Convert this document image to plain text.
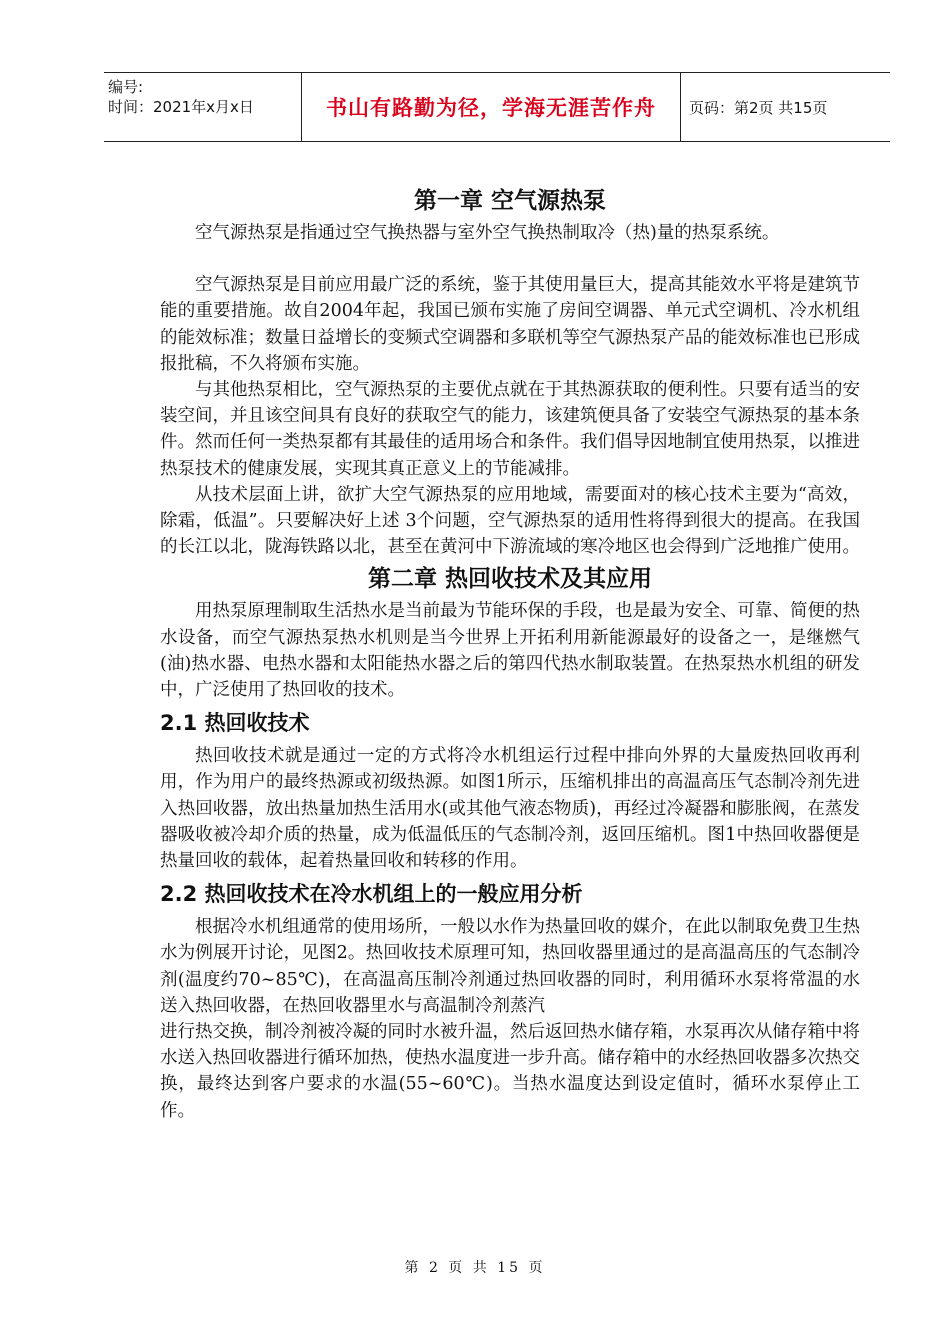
编号:
时间：2021年x月x日	书山有路勤为径，学海无涯苦作舟	页码：第2页 共15页
第一章 空气源热泵

空气源热泵是指通过空气换热器与室外空气换热制取冷（热)量的热泵系统。

空气源热泵是目前应用最广泛的系统，鉴于其使用量巨大，提高其能效水平将是建筑节能的重要措施。故自2004年起，我国已颁布实施了房间空调器、单元式空调机、冷水机组的能效标准；数量日益增长的变频式空调器和多联机等空气源热泵产品的能效标准也已形成报批稿，不久将颁布实施。

与其他热泵相比，空气源热泵的主要优点就在于其热源获取的便利性。只要有适当的安装空间，并且该空间具有良好的获取空气的能力，该建筑便具备了安装空气源热泵的基本条件。然而任何一类热泵都有其最佳的适用场合和条件。我们倡导因地制宜使用热泵，以推进热泵技术的健康发展，实现其真正意义上的节能减排。

从技术层面上讲，欲扩大空气源热泵的应用地域，需要面对的核心技术主要为“高效，除霜，低温”。只要解决好上述 3个问题，空气源热泵的适用性将得到很大的提高。在我国的长江以北，陇海铁路以北，甚至在黄河中下游流域的寒冷地区也会得到广泛地推广使用。

第二章 热回收技术及其应用

用热泵原理制取生活热水是当前最为节能环保的手段，也是最为安全、可靠、简便的热水设备，而空气源热泵热水机则是当今世界上开拓利用新能源最好的设备之一，是继燃气(油)热水器、电热水器和太阳能热水器之后的第四代热水制取装置。在热泵热水机组的研发中，广泛使用了热回收的技术。

2.1 热回收技术

热回收技术就是通过一定的方式将冷水机组运行过程中排向外界的大量废热回收再利用，作为用户的最终热源或初级热源。如图1所示，压缩机排出的高温高压气态制冷剂先进入热回收器，放出热量加热生活用水(或其他气液态物质)，再经过冷凝器和膨胀阀，在蒸发器吸收被冷却介质的热量，成为低温低压的气态制冷剂，返回压缩机。图1中热回收器便是热量回收的载体，起着热量回收和转移的作用。

2.2 热回收技术在冷水机组上的一般应用分析

根据冷水机组通常的使用场所，一般以水作为热量回收的媒介，在此以制取免费卫生热水为例展开讨论，见图2。热回收技术原理可知，热回收器里通过的是高温高压的气态制冷剂(温度约70~85℃)，在高温高压制冷剂通过热回收器的同时，利用循环水泵将常温的水送入热回收器，在热回收器里水与高温制冷剂蒸汽

进行热交换，制冷剂被冷凝的同时水被升温，然后返回热水储存箱，水泵再次从储存箱中将水送入热回收器进行循环加热，使热水温度进一步升高。储存箱中的水经热回收器多次热交换，最终达到客户要求的水温(55~60℃)。当热水温度达到设定值时，循环水泵停止工作。

第 2 页 共 15 页
